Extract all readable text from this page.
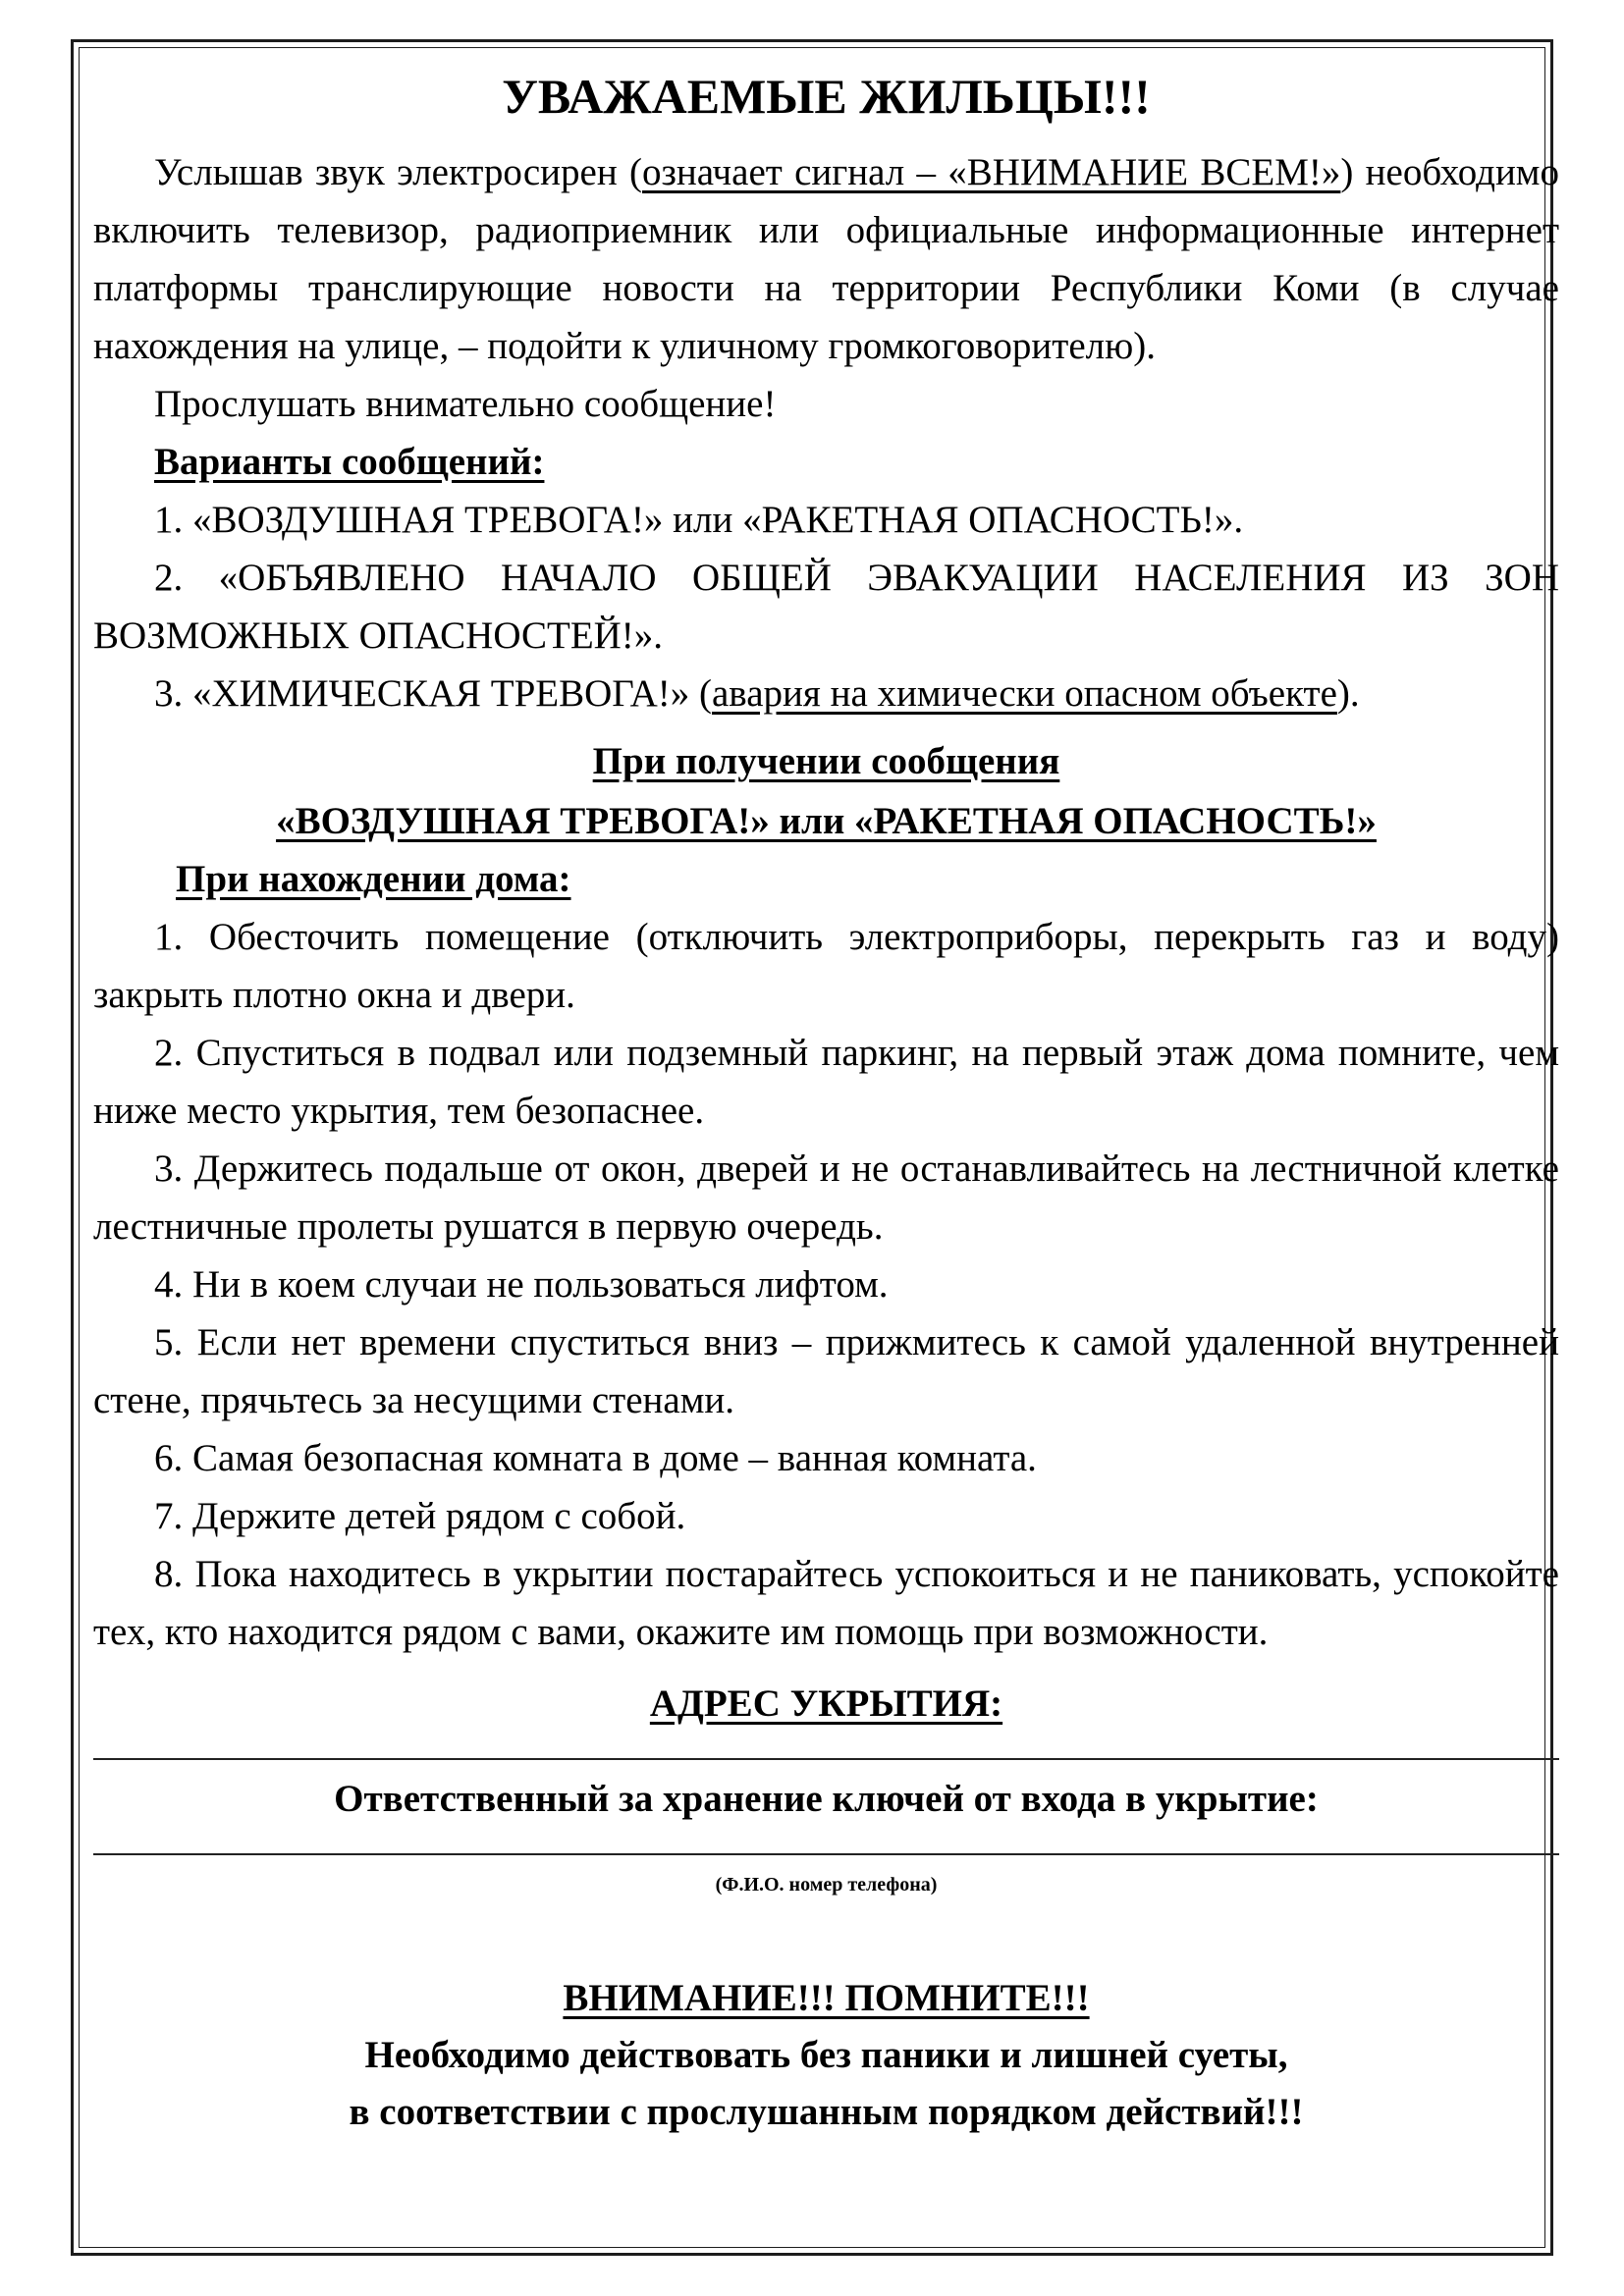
УВАЖАЕМЫЕ ЖИЛЬЦЫ!!!

Услышав звук электросирен (означает сигнал – «ВНИМАНИЕ ВСЕМ!») необходимо включить телевизор, радиоприемник или официальные информационные интернет платформы транслирующие новости на территории Республики Коми (в случае нахождения на улице, – подойти к уличному громкоговорителю).

Прослушать внимательно сообщение!

Варианты сообщений:

1. «ВОЗДУШНАЯ ТРЕВОГА!» или «РАКЕТНАЯ ОПАСНОСТЬ!».

2. «ОБЪЯВЛЕНО НАЧАЛО ОБЩЕЙ ЭВАКУАЦИИ НАСЕЛЕНИЯ ИЗ ЗОН ВОЗМОЖНЫХ ОПАСНОСТЕЙ!».

3. «ХИМИЧЕСКАЯ ТРЕВОГА!» (авария на химически опасном объекте).

При получении сообщения
«ВОЗДУШНАЯ ТРЕВОГА!» или «РАКЕТНАЯ ОПАСНОСТЬ!»
При нахождении дома:

1. Обесточить помещение (отключить электроприборы, перекрыть газ и воду) закрыть плотно окна и двери.

2. Спуститься в подвал или подземный паркинг, на первый этаж дома помните, чем ниже место укрытия, тем безопаснее.

3. Держитесь подальше от окон, дверей и не останавливайтесь на лестничной клетке лестничные пролеты рушатся в первую очередь.

4. Ни в коем случаи не пользоваться лифтом.

5. Если нет времени спуститься вниз – прижмитесь к самой удаленной внутренней стене, прячьтесь за несущими стенами.

6. Самая безопасная комната в доме – ванная комната.

7. Держите детей рядом с собой.

8. Пока находитесь в укрытии постарайтесь успокоиться и не паниковать, успокойте тех, кто находится рядом с вами, окажите им помощь при возможности.

АДРЕС УКРЫТИЯ:
Ответственный за хранение ключей от входа в укрытие:
(Ф.И.О. номер телефона)
ВНИМАНИЕ!!! ПОМНИТЕ!!!
Необходимо действовать без паники и лишней суеты,
в соответствии с прослушанным порядком действий!!!
